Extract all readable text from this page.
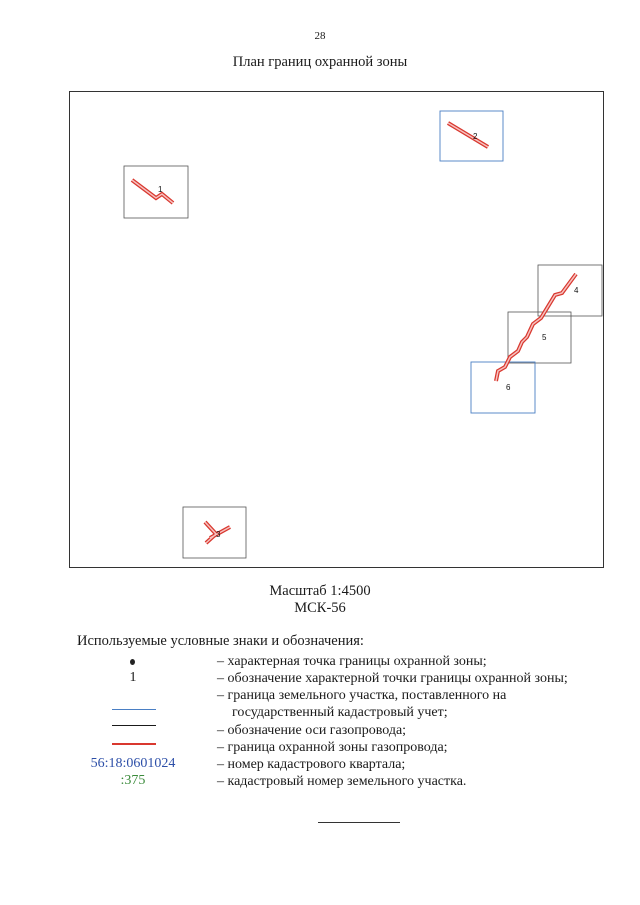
28
План границ охранной зоны
1
2
3
4
5
6
Масштаб 1:4500
МСК-56
Используемые условные знаки и обозначения:
– характерная точка границы охранной зоны;
1	– обозначение характерной точки границы охранной зоны;
– граница земельного участка, поставленного на
государственный кадастровый учет;
– обозначение оси газопровода;
– граница охранной зоны газопровода;
56:18:0601024	– номер кадастрового квартала;
:375	– кадастровый номер земельного участка.
